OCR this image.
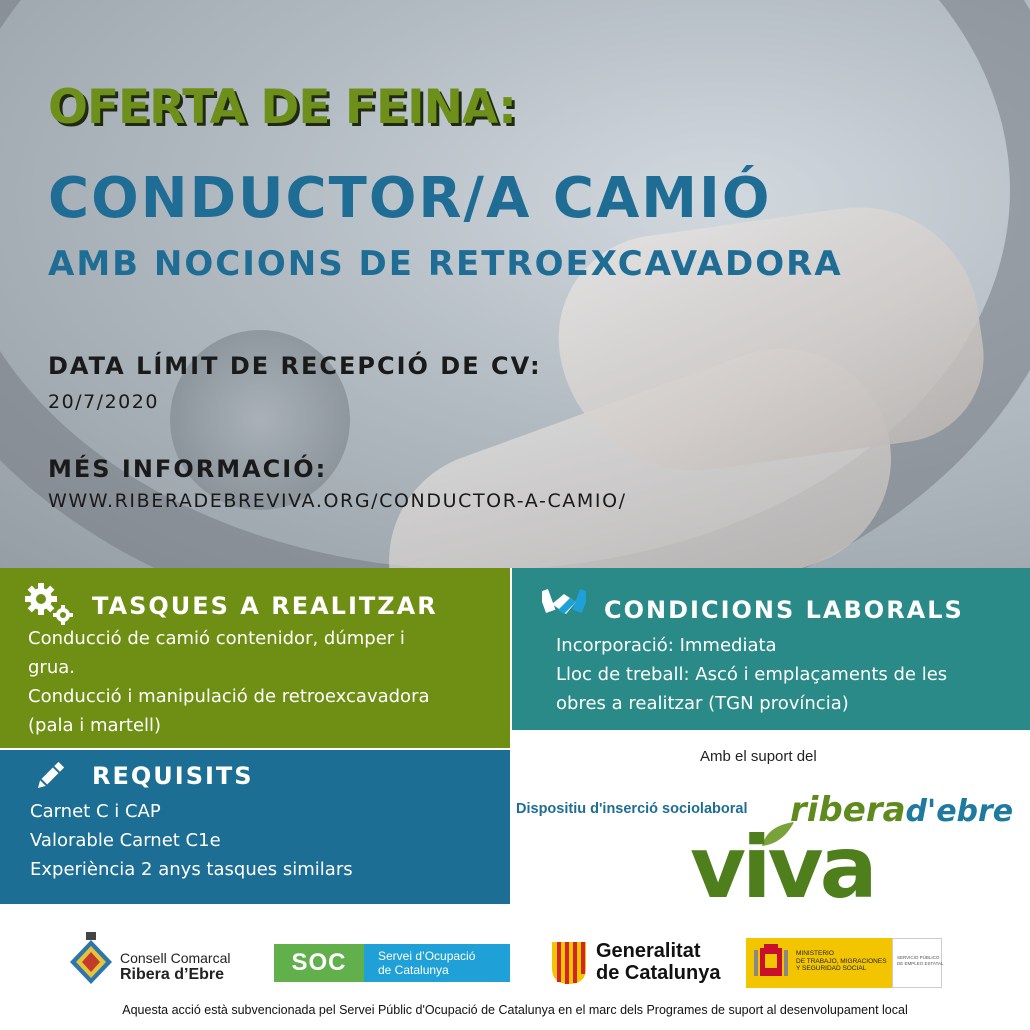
OFERTA DE FEINA:
CONDUCTOR/A CAMIÓ
AMB NOCIONS DE RETROEXCAVADORA
DATA LÍMIT DE RECEPCIÓ DE CV:
20/7/2020
MÉS INFORMACIÓ:
WWW.RIBERADEBREVIVA.ORG/CONDUCTOR-A-CAMIO/
TASQUES A REALITZAR
Conducció de camió contenidor, dúmper i
grua.
Conducció i manipulació de retroexcavadora
(pala i martell)
CONDICIONS LABORALS
Incorporació: Immediata
Lloc de treball: Ascó i emplaçaments de les
obres a realitzar (TGN província)
REQUISITS
Carnet C i CAP
Valorable Carnet C1e
Experiència 2 anys tasques similars
Amb el suport del
Dispositiu d'inserció sociolaboral riberad'ebre
viva
Consell Comarcal
Ribera d’Ebre	SOC	Servei d’Ocupació
de Catalunya
Generalitat
de Catalunya
MINISTERIO
DE TRABAJO, MIGRACIONES
Y SEGURIDAD SOCIAL
SERVICIO PÚBLICO
DE EMPLEO ESTATAL
Aquesta acció està subvencionada pel Servei Públic d'Ocupació de Catalunya en el marc dels Programes de suport al desenvolupament local
